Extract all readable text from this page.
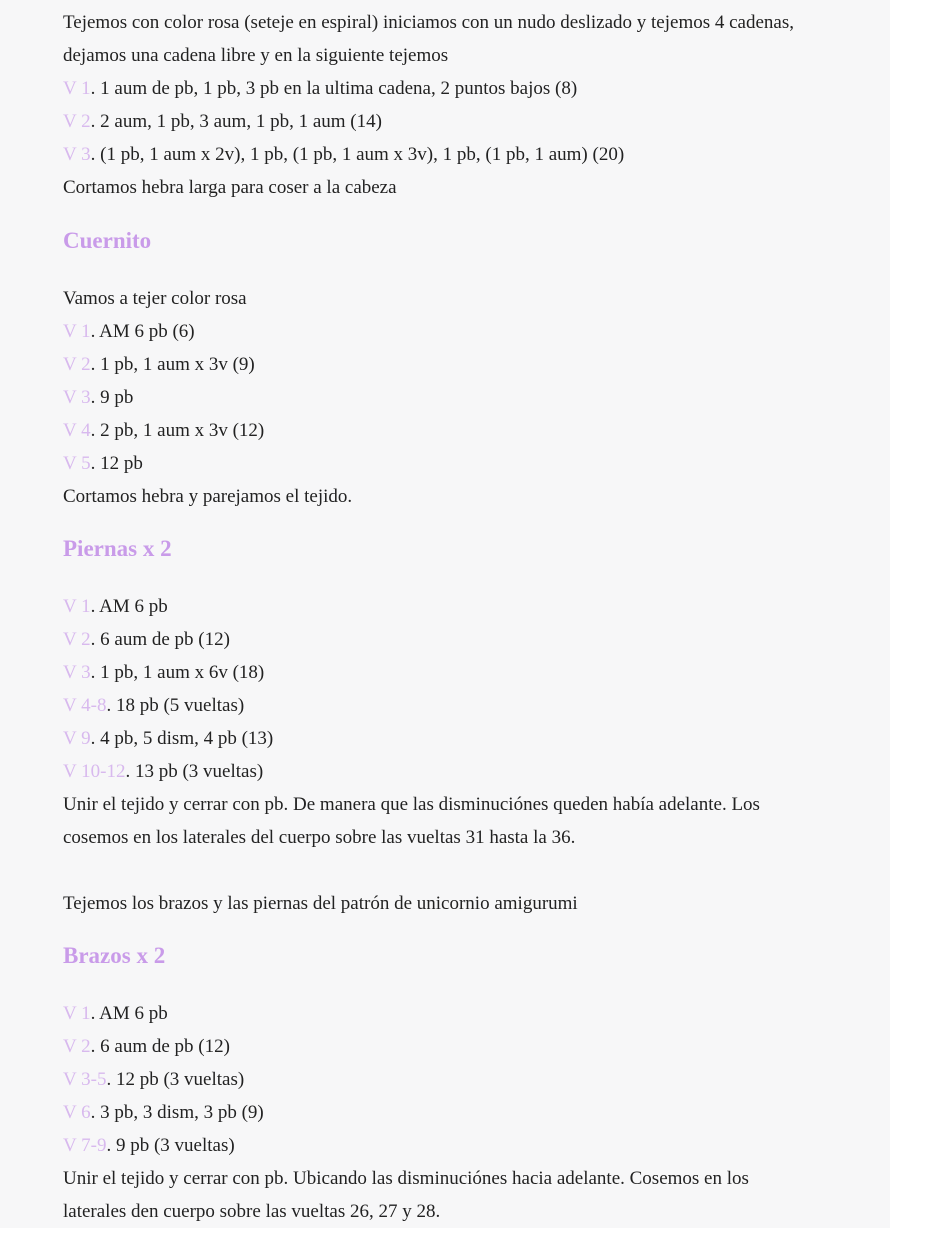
Tejemos con color rosa (seteje en espiral) iniciamos con un nudo deslizado y tejemos 4 cadenas,

dejamos una cadena libre y en la siguiente tejemos

V 1. 1 aum de pb, 1 pb, 3 pb en la ultima cadena, 2 puntos bajos (8)

V 2. 2 aum, 1 pb, 3 aum, 1 pb, 1 aum (14)

V 3. (1 pb, 1 aum x 2v), 1 pb, (1 pb, 1 aum x 3v), 1 pb, (1 pb, 1 aum) (20)

Cortamos hebra larga para coser a la cabeza

Cuernito

Vamos a tejer color rosa

V 1. AM 6 pb (6)

V 2. 1 pb, 1 aum x 3v (9)

V 3. 9 pb

V 4. 2 pb, 1 aum x 3v (12)

V 5. 12 pb

Cortamos hebra y parejamos el tejido.

Piernas x 2

V 1. AM 6 pb

V 2. 6 aum de pb (12)

V 3. 1 pb, 1 aum x 6v (18)

V 4-8. 18 pb (5 vueltas)

V 9. 4 pb, 5 dism, 4 pb (13)

V 10-12. 13 pb (3 vueltas)

Unir el tejido y cerrar con pb. De manera que las disminuciónes queden había adelante. Los

cosemos en los laterales del cuerpo sobre las vueltas 31 hasta la 36.

Tejemos los brazos y las piernas del patrón de unicornio amigurumi

Brazos x 2

V 1. AM 6 pb

V 2. 6 aum de pb (12)

V 3-5. 12 pb (3 vueltas)

V 6. 3 pb, 3 dism, 3 pb (9)

V 7-9. 9 pb (3 vueltas)

Unir el tejido y cerrar con pb. Ubicando las disminuciónes hacia adelante. Cosemos en los

laterales den cuerpo sobre las vueltas 26, 27 y 28.
